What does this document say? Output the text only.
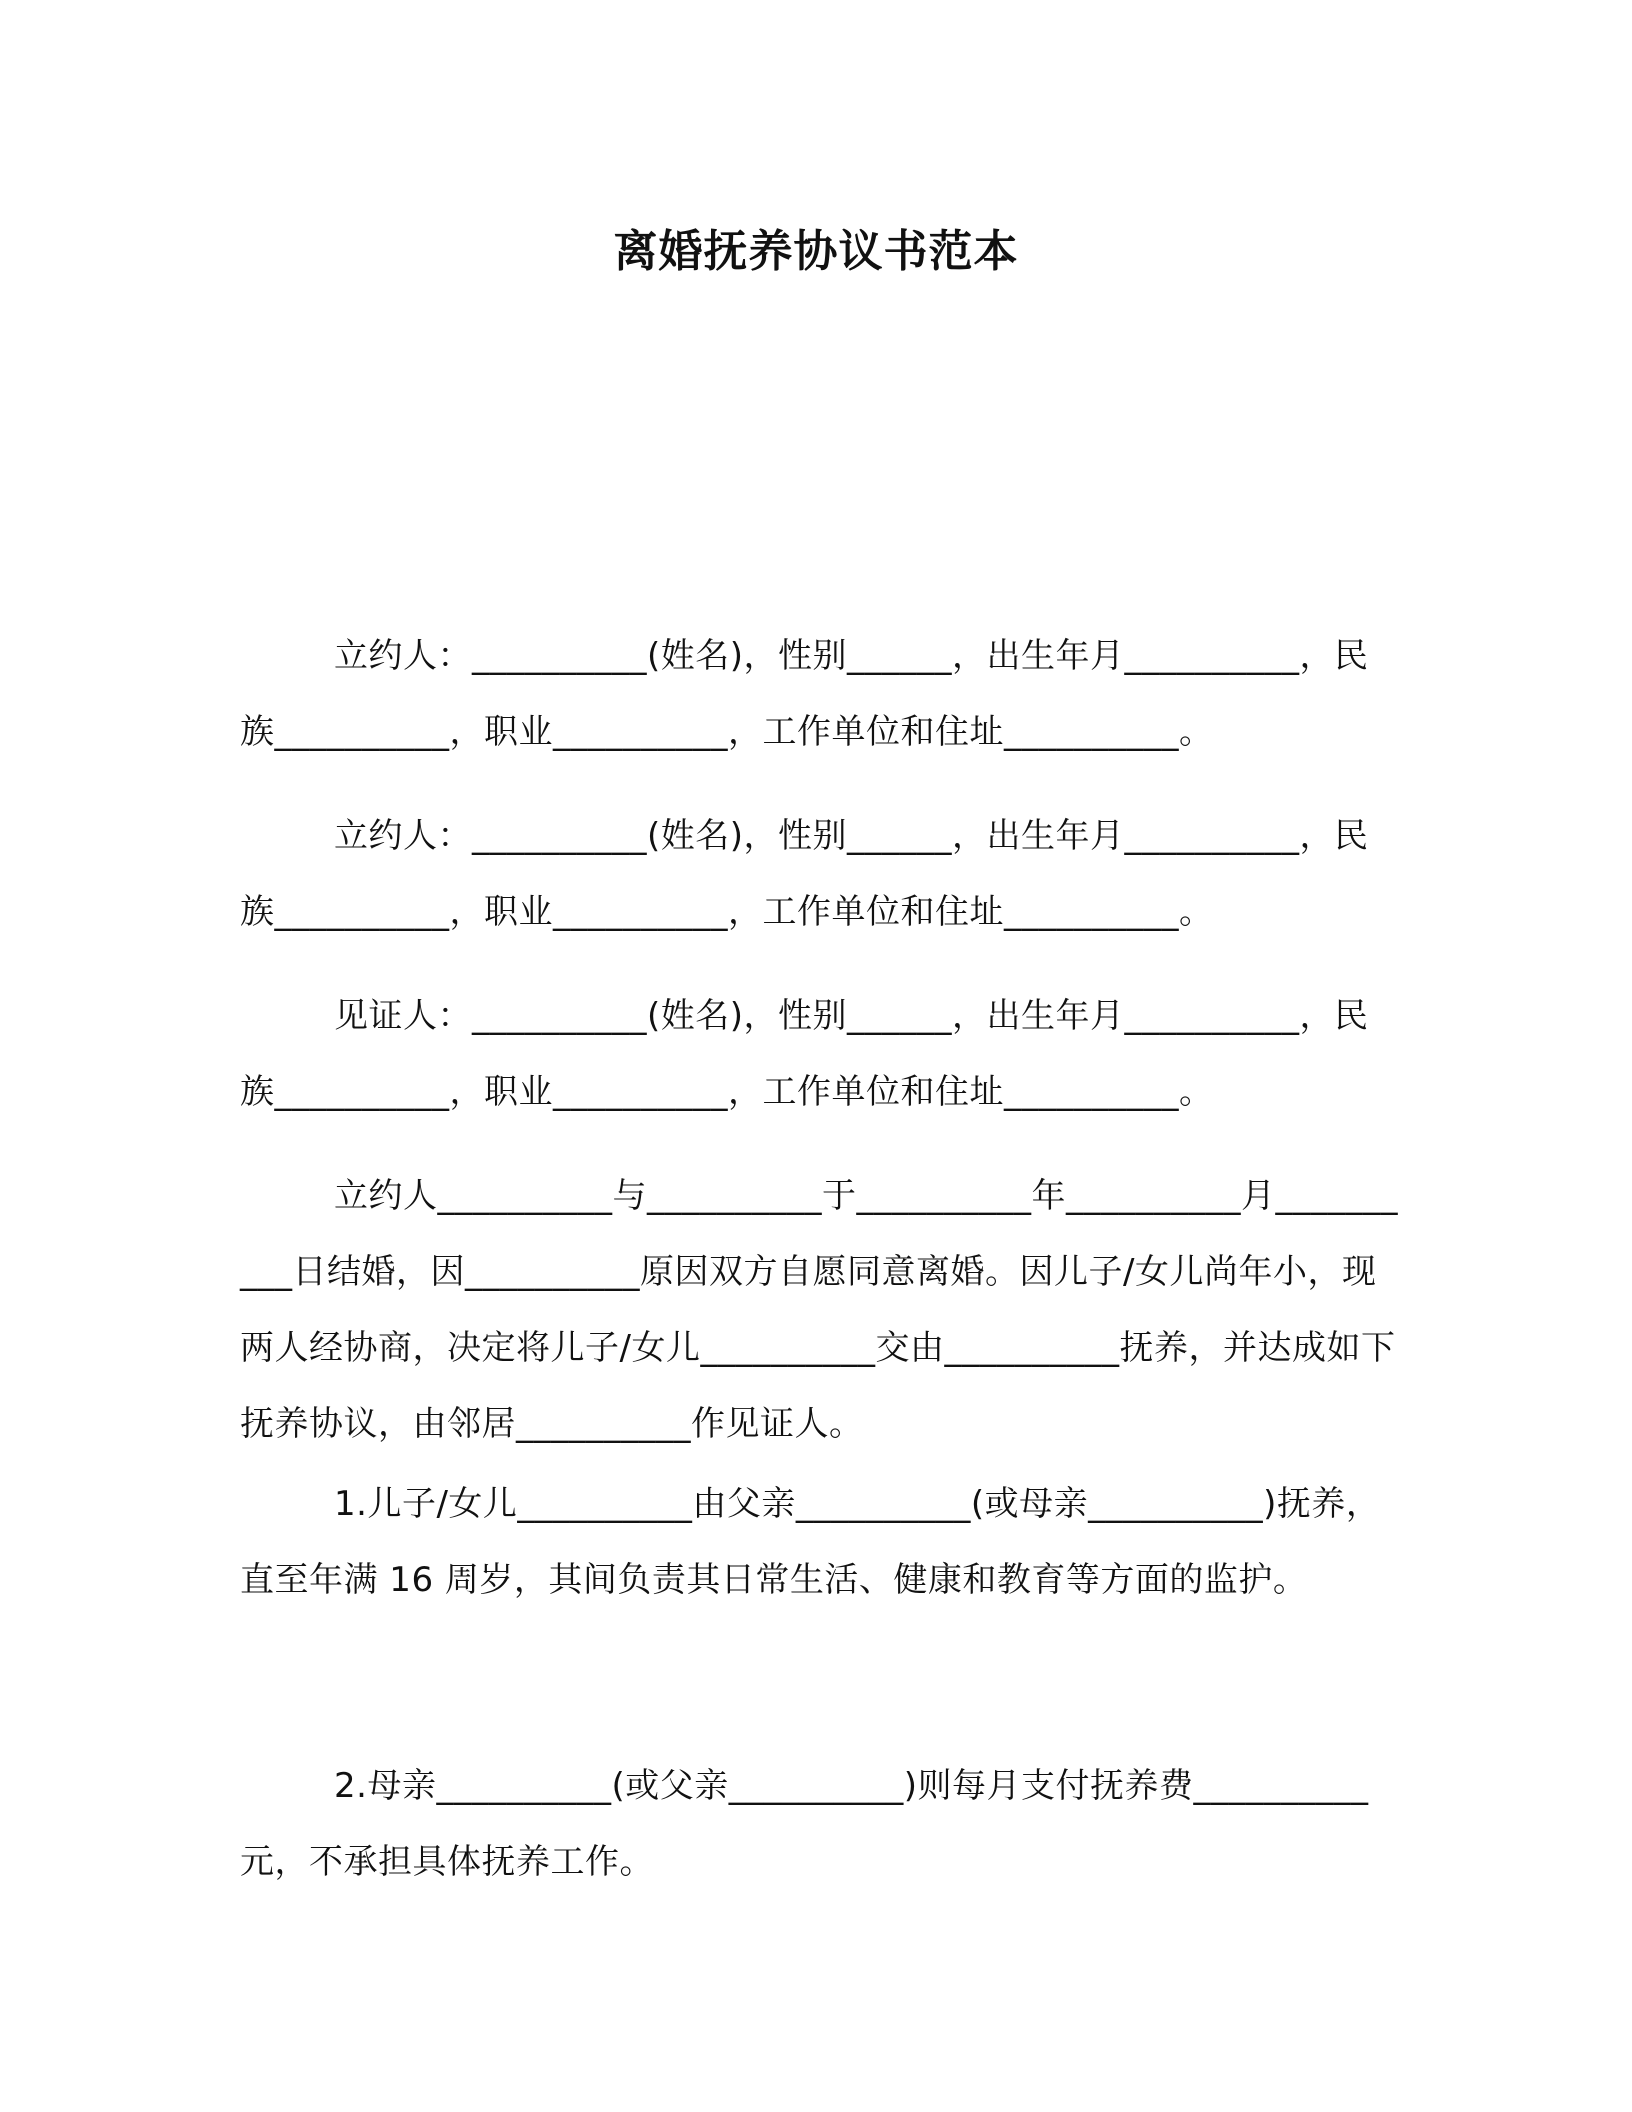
离婚抚养协议书范本

立约人：__________(姓名)，性别______，出生年月__________，民族__________，职业__________，工作单位和住址__________。

立约人：__________(姓名)，性别______，出生年月__________，民族__________，职业__________，工作单位和住址__________。

见证人：__________(姓名)，性别______，出生年月__________，民族__________，职业__________，工作单位和住址__________。

立约人__________与__________于__________年__________月__________日结婚，因__________原因双方自愿同意离婚。因儿子/女儿尚年小，现两人经协商，决定将儿子/女儿__________交由__________抚养，并达成如下抚养协议，由邻居__________作见证人。

1.儿子/女儿__________由父亲__________(或母亲__________)抚养，直至年满 16 周岁，其间负责其日常生活、健康和教育等方面的监护。

2.母亲__________(或父亲__________)则每月支付抚养费__________元，不承担具体抚养工作。
